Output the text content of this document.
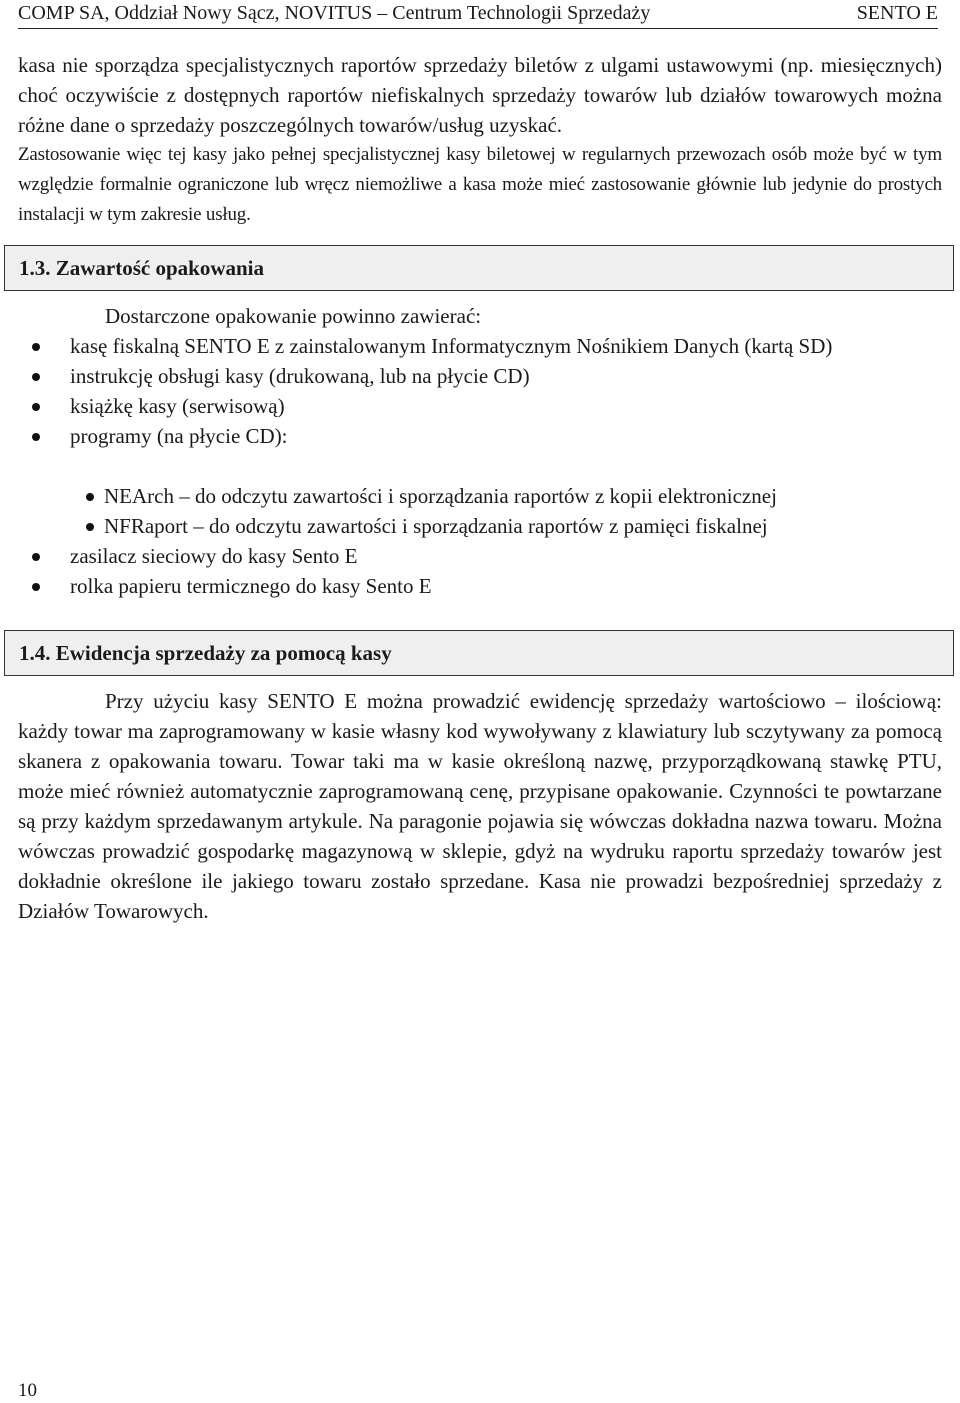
COMP SA, Oddział Nowy Sącz, NOVITUS – Centrum Technologii Sprzedaży	SENTO E
kasa nie sporządza specjalistycznych raportów sprzedaży biletów z ulgami ustawowymi (np. miesięcznych) choć oczywiście z dostępnych raportów niefiskalnych sprzedaży towarów lub działów towarowych można różne dane o sprzedaży poszczególnych towarów/usług uzyskać.
Zastosowanie więc tej kasy jako pełnej specjalistycznej kasy biletowej w regularnych przewozach osób może być w tym względzie formalnie ograniczone lub wręcz niemożliwe a kasa może mieć zastosowanie głównie lub jedynie do prostych instalacji w tym zakresie usług.
1.3. Zawartość opakowania
Dostarczone opakowanie powinno zawierać:
kasę fiskalną SENTO E z zainstalowanym Informatycznym Nośnikiem Danych (kartą SD)
instrukcję obsługi kasy (drukowaną, lub na płycie CD)
książkę kasy (serwisową)
programy (na płycie CD):
NEArch – do odczytu zawartości i sporządzania raportów z kopii elektronicznej
NFRaport – do odczytu zawartości i sporządzania raportów z pamięci fiskalnej
zasilacz sieciowy do kasy Sento E
rolka papieru termicznego do kasy Sento E
1.4. Ewidencja sprzedaży za pomocą kasy
Przy użyciu kasy SENTO E można prowadzić ewidencję sprzedaży wartościowo – ilościową: każdy towar ma zaprogramowany w kasie własny kod wywoływany z klawiatury lub sczytywany za pomocą skanera z opakowania towaru. Towar taki ma w kasie określoną nazwę, przyporządkowaną stawkę PTU, może mieć również automatycznie zaprogramowaną cenę, przypisane opakowanie. Czynności te powtarzane są przy każdym sprzedawanym artykule. Na paragonie pojawia się wówczas dokładna nazwa towaru. Można wówczas prowadzić gospodarkę magazynową w sklepie, gdyż na wydruku raportu sprzedaży towarów jest dokładnie określone ile jakiego towaru zostało sprzedane. Kasa nie prowadzi bezpośredniej sprzedaży z Działów Towarowych.
10
